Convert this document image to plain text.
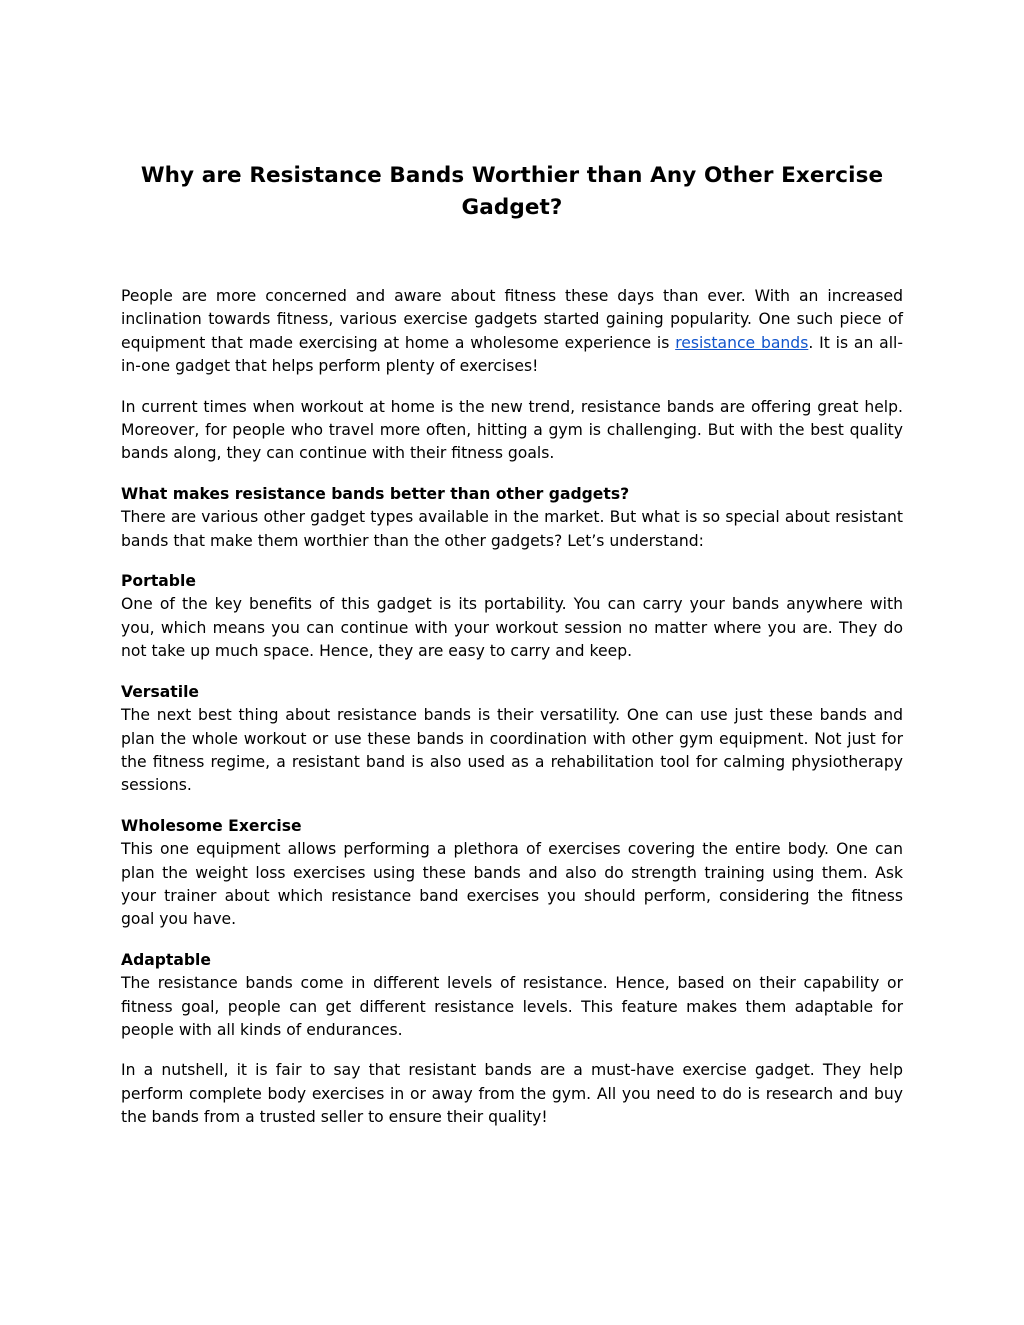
Why are Resistance Bands Worthier than Any Other Exercise Gadget?

People are more concerned and aware about fitness these days than ever. With an increased inclination towards fitness, various exercise gadgets started gaining popularity. One such piece of equipment that made exercising at home a wholesome experience is resistance bands. It is an all-in-one gadget that helps perform plenty of exercises!

In current times when workout at home is the new trend, resistance bands are offering great help. Moreover, for people who travel more often, hitting a gym is challenging. But with the best quality bands along, they can continue with their fitness goals.

What makes resistance bands better than other gadgets?

There are various other gadget types available in the market. But what is so special about resistant bands that make them worthier than the other gadgets? Let’s understand:

Portable

One of the key benefits of this gadget is its portability. You can carry your bands anywhere with you, which means you can continue with your workout session no matter where you are. They do not take up much space. Hence, they are easy to carry and keep.

Versatile

The next best thing about resistance bands is their versatility. One can use just these bands and plan the whole workout or use these bands in coordination with other gym equipment. Not just for the fitness regime, a resistant band is also used as a rehabilitation tool for calming physiotherapy sessions.

Wholesome Exercise

This one equipment allows performing a plethora of exercises covering the entire body. One can plan the weight loss exercises using these bands and also do strength training using them. Ask your trainer about which resistance band exercises you should perform, considering the fitness goal you have.

Adaptable

The resistance bands come in different levels of resistance. Hence, based on their capability or fitness goal, people can get different resistance levels. This feature makes them adaptable for people with all kinds of endurances.

In a nutshell, it is fair to say that resistant bands are a must-have exercise gadget. They help perform complete body exercises in or away from the gym. All you need to do is research and buy the bands from a trusted seller to ensure their quality!
